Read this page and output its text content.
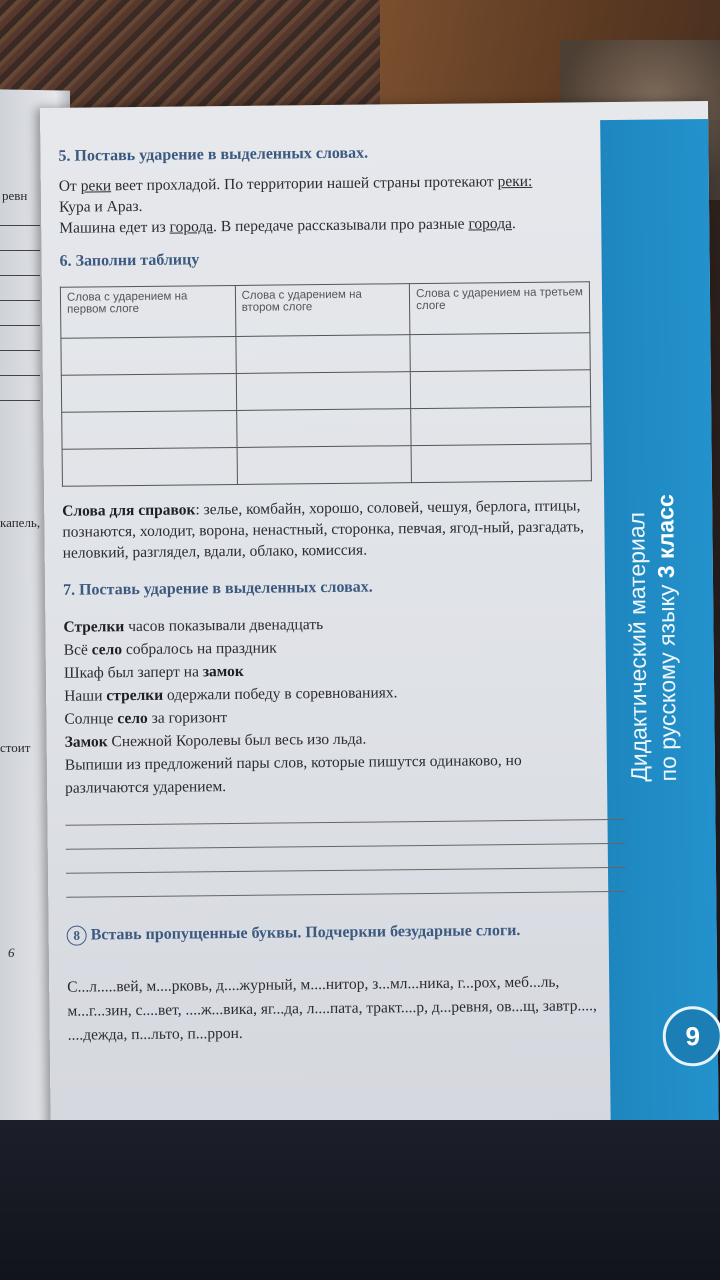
ревн
капель,
стоит
6
Дидактический материал
по русскому языку 3 класс
9
5. Поставь ударение в выделенных словах.
От реки веет прохладой. По территории нашей страны протекают реки:
Кура и Араз.
Машина едет из города. В передаче рассказывали про разные города.
6. Заполни таблицу
Слова с ударением на первом слоге	Слова с ударением на втором слоге	Слова с ударением на третьем слоге

Слова для справок: зелье, комбайн, хорошо, соловей, чешуя, берлога, птицы, познаются, холодит, ворона, ненастный, сторонка, певчая, ягод-ный, разгадать, неловкий, разглядел, вдали, облако, комиссия.
7. Поставь ударение в выделенных словах.
Стрелки часов показывали двенадцать
Всё село собралось на праздник
Шкаф был заперт на замок
Наши стрелки одержали победу в соревнованиях.
Солнце село за горизонт
Замок Снежной Королевы был весь изо льда.
Выпиши из предложений пары слов, которые пишутся одинаково, но различаются ударением.
8 Вставь пропущенные буквы. Подчеркни безударные слоги.
С...л.....вей, м....рковь, д....журный, м....нитор, з...мл...ника, г...рох, меб...ль, м...г...зин, с....вет, ....ж...вика, яг...да, л....пата, тракт....р, д...ревня, ов...щ, завтр...., ....дежда, п...льто, п...ррон.
